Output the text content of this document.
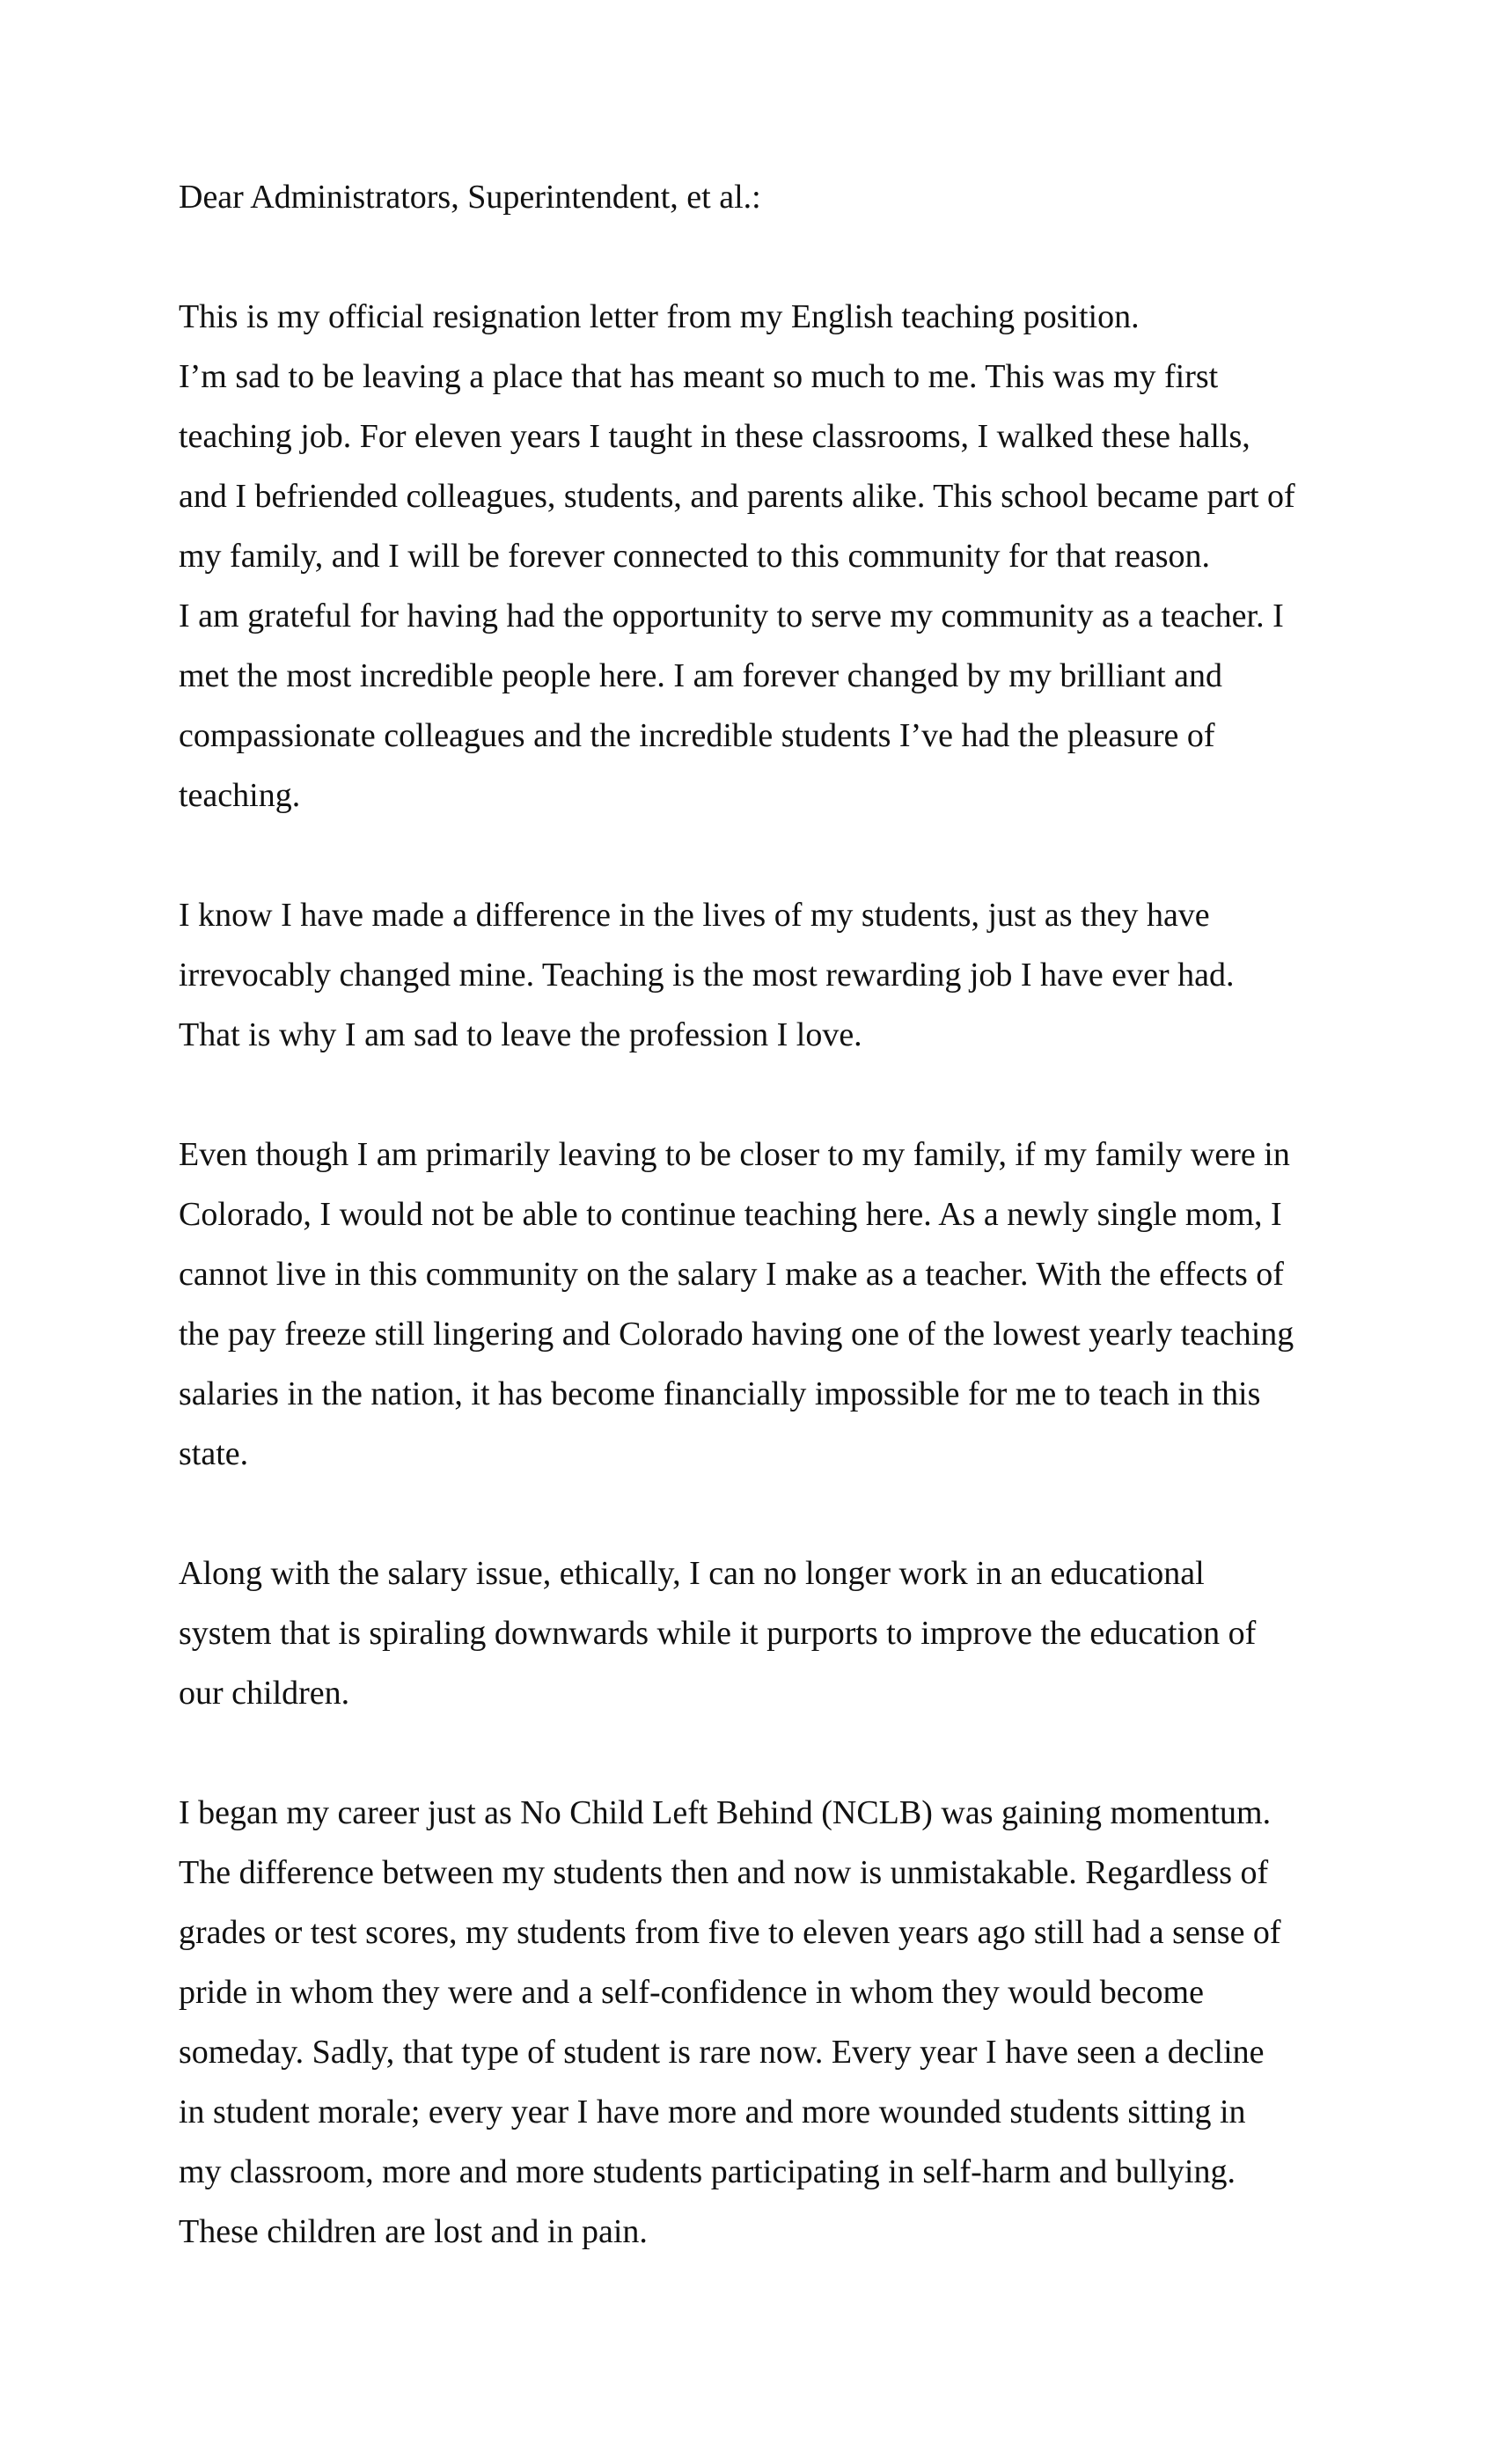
Dear Administrators, Superintendent, et al.:
This is my official resignation letter from my English teaching position.
I’m sad to be leaving a place that has meant so much to me. This was my first
teaching job. For eleven years I taught in these classrooms, I walked these halls,
and I befriended colleagues, students, and parents alike. This school became part of
my family, and I will be forever connected to this community for that reason.
I am grateful for having had the opportunity to serve my community as a teacher. I
met the most incredible people here. I am forever changed by my brilliant and
compassionate colleagues and the incredible students I’ve had the pleasure of
teaching.
I know I have made a difference in the lives of my students, just as they have
irrevocably changed mine. Teaching is the most rewarding job I have ever had.
That is why I am sad to leave the profession I love.
Even though I am primarily leaving to be closer to my family, if my family were in
Colorado, I would not be able to continue teaching here. As a newly single mom, I
cannot live in this community on the salary I make as a teacher. With the effects of
the pay freeze still lingering and Colorado having one of the lowest yearly teaching
salaries in the nation, it has become financially impossible for me to teach in this
state.
Along with the salary issue, ethically, I can no longer work in an educational
system that is spiraling downwards while it purports to improve the education of
our children.
I began my career just as No Child Left Behind (NCLB) was gaining momentum.
The difference between my students then and now is unmistakable. Regardless of
grades or test scores, my students from five to eleven years ago still had a sense of
pride in whom they were and a self-confidence in whom they would become
someday. Sadly, that type of student is rare now. Every year I have seen a decline
in student morale; every year I have more and more wounded students sitting in
my classroom, more and more students participating in self-harm and bullying.
These children are lost and in pain.
